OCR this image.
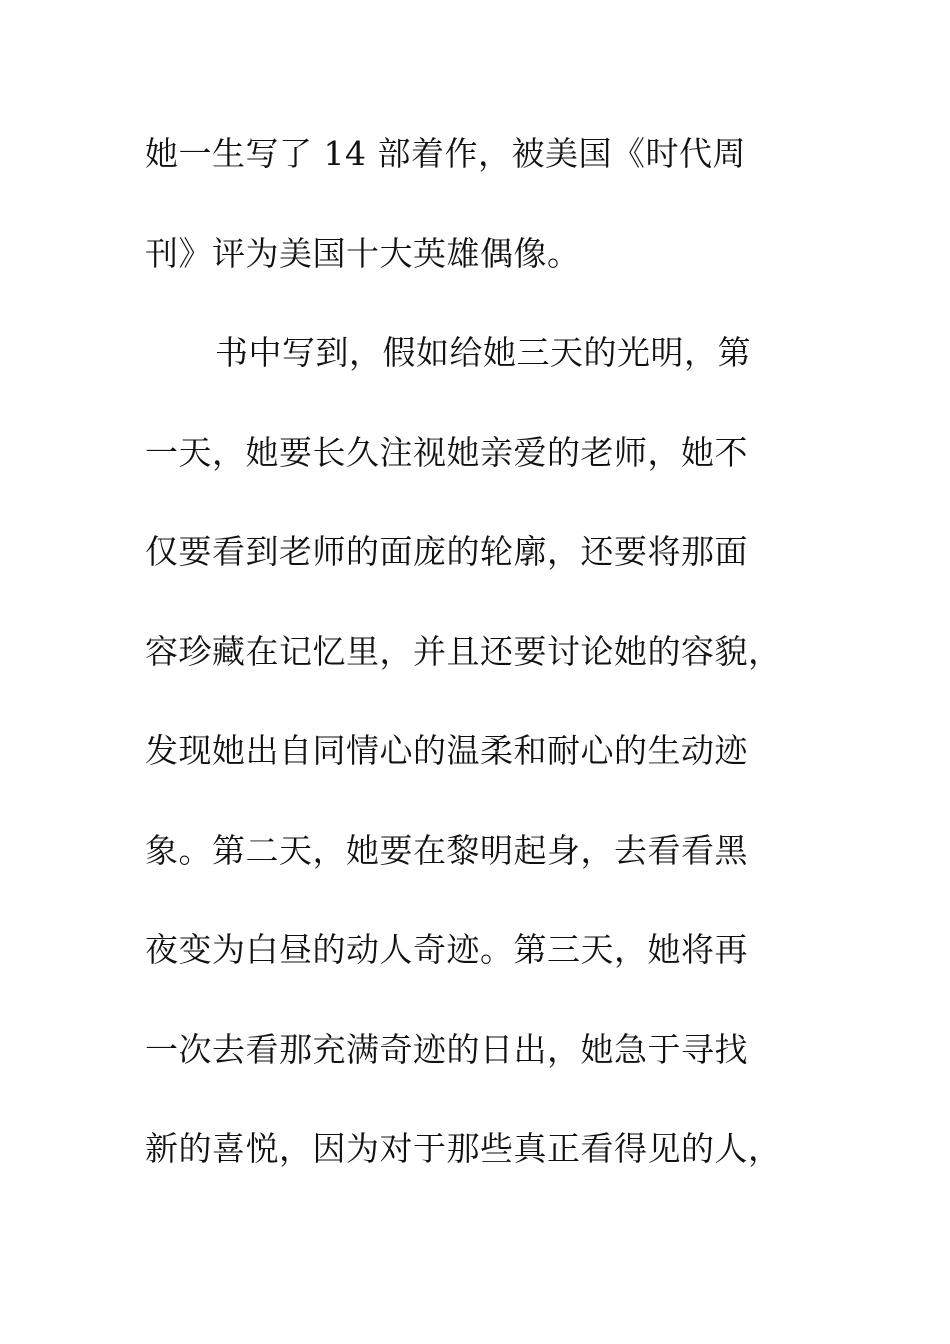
她一生写了 14 部着作，被美国《时代周
刊》评为美国十大英雄偶像。
书中写到，假如给她三天的光明，第
一天，她要长久注视她亲爱的老师，她不
仅要看到老师的面庞的轮廓，还要将那面
容珍藏在记忆里，并且还要讨论她的容貌，
发现她出自同情心的温柔和耐心的生动迹
象。第二天，她要在黎明起身，去看看黑
夜变为白昼的动人奇迹。第三天，她将再
一次去看那充满奇迹的日出，她急于寻找
新的喜悦，因为对于那些真正看得见的人，
